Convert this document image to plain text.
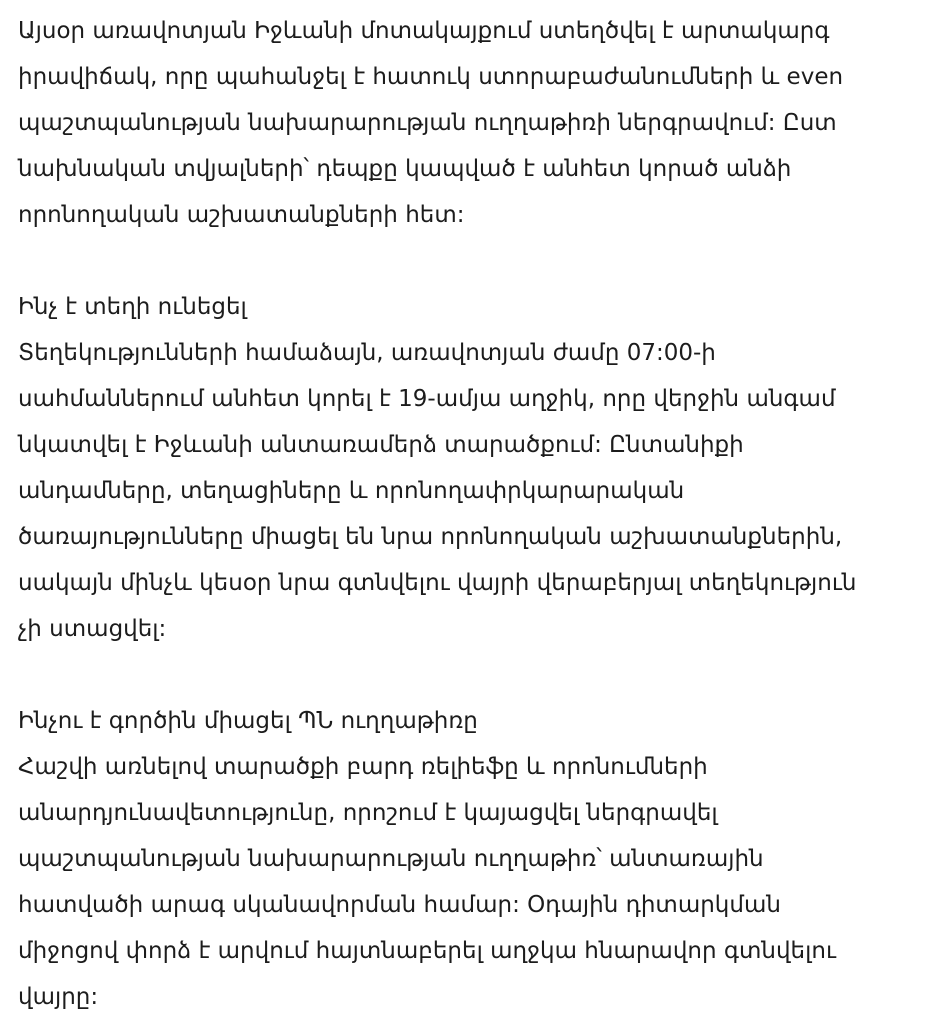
Այսօր առավոտյան Իջևանի մոտակայքում ստեղծվել է արտակարգ
իրավիճակ, որը պահանջել է հատուկ ստորաբաժանումների և even
պաշտպանության նախարարության ուղղաթիռի ներգրավում: Ըստ
նախնական տվյալների՝ դեպքը կապված է անհետ կորած անձի
որոնողական աշխատանքների հետ:
Ինչ է տեղի ունեցել
Տեղեկությունների համաձայն, առավոտյան ժամը 07:00-ի
սահմաններում անհետ կորել է 19-ամյա աղջիկ, որը վերջին անգամ
նկատվել է Իջևանի անտառամերձ տարածքում: Ընտանիքի
անդամները, տեղացիները և որոնողափրկարարական
ծառայությունները միացել են նրա որոնողական աշխատանքներին,
սակայն մինչև կեսօր նրա գտնվելու վայրի վերաբերյալ տեղեկություն
չի ստացվել:
Ինչու է գործին միացել ՊՆ ուղղաթիռը
Հաշվի առնելով տարածքի բարդ ռելիեֆը և որոնումների
անարդյունավետությունը, որոշում է կայացվել ներգրավել
պաշտպանության նախարարության ուղղաթիռ՝ անտառային
հատվածի արագ սկանավորման համար: Օդային դիտարկման
միջոցով փորձ է արվում հայտնաբերել աղջկա հնարավոր գտնվելու
վայրը:
